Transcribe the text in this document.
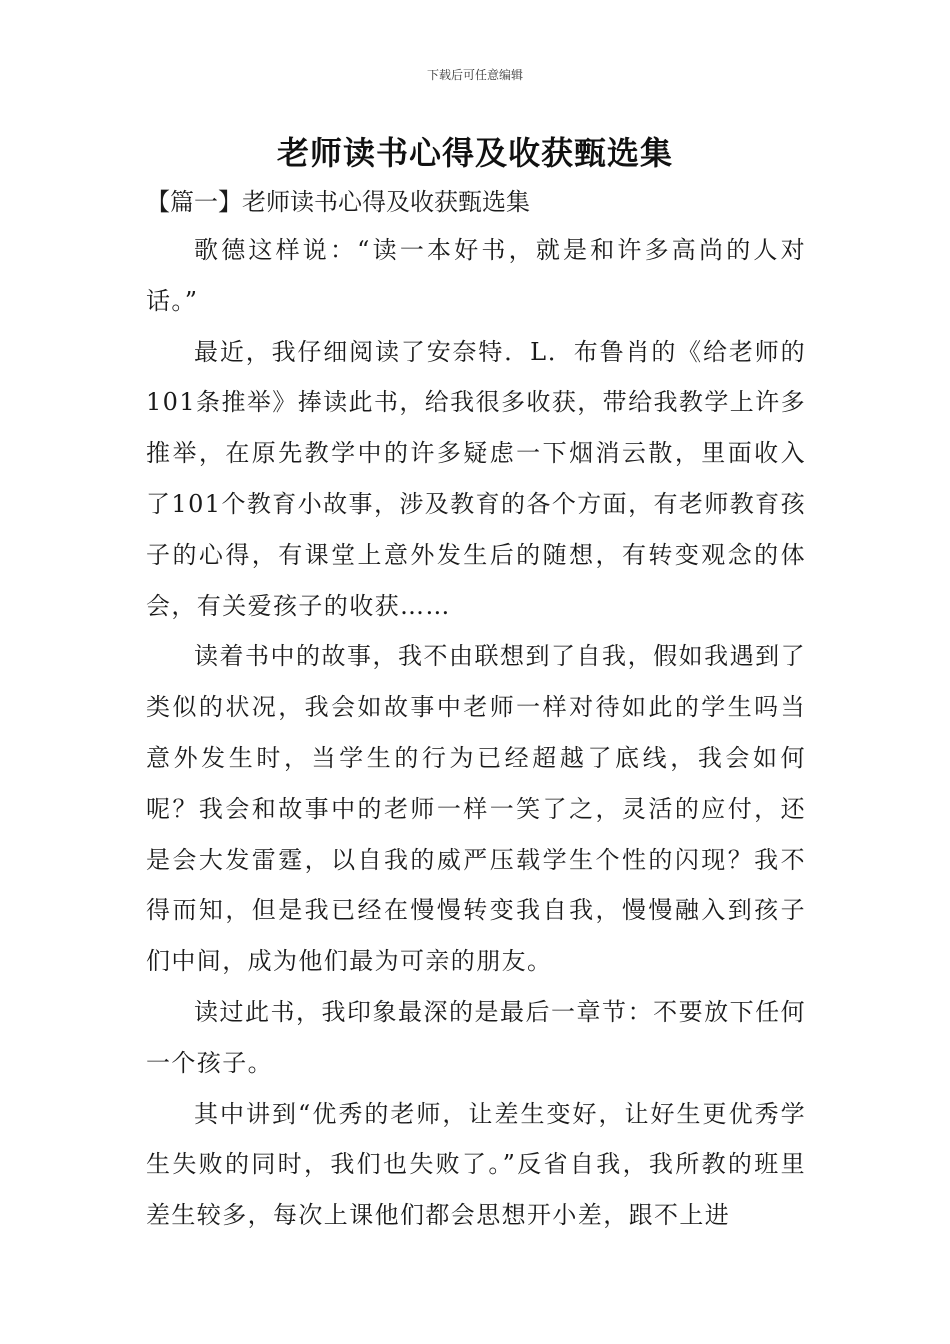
下载后可任意编辑
老师读书心得及收获甄选集
【篇一】老师读书心得及收获甄选集

歌德这样说：“读一本好书，就是和许多高尚的人对话。”

最近，我仔细阅读了安奈特．L．布鲁肖的《给老师的101条推举》捧读此书，给我很多收获，带给我教学上许多推举，在原先教学中的许多疑虑一下烟消云散，里面收入了101个教育小故事，涉及教育的各个方面，有老师教育孩子的心得，有课堂上意外发生后的随想，有转变观念的体会，有关爱孩子的收获……

读着书中的故事，我不由联想到了自我，假如我遇到了类似的状况，我会如故事中老师一样对待如此的学生吗当意外发生时，当学生的行为已经超越了底线，我会如何呢？我会和故事中的老师一样一笑了之，灵活的应付，还是会大发雷霆，以自我的威严压载学生个性的闪现？我不得而知，但是我已经在慢慢转变我自我，慢慢融入到孩子们中间，成为他们最为可亲的朋友。

读过此书，我印象最深的是最后一章节：不要放下任何一个孩子。

其中讲到“优秀的老师，让差生变好，让好生更优秀学生失败的同时，我们也失败了。”反省自我，我所教的班里差生较多，每次上课他们都会思想开小差，跟不上进
